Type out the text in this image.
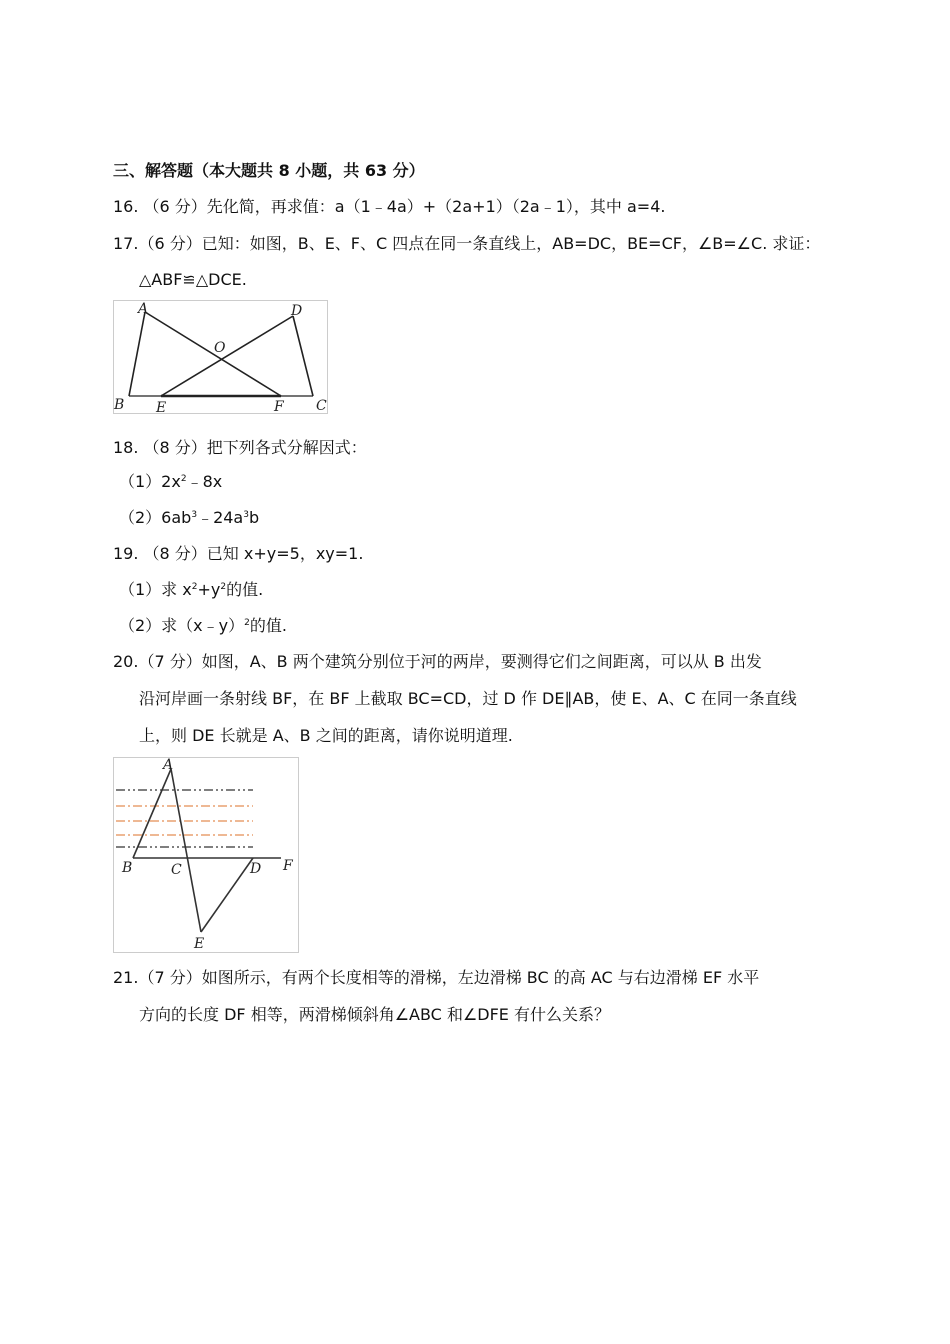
三、解答题（本大题共 8 小题，共 63 分）
16. （6 分）先化简，再求值：a（1﹣4a）+（2a+1）（2a﹣1），其中 a=4.
17.（6 分）已知：如图，B、E、F、C 四点在同一条直线上，AB=DC，BE=CF，∠B=∠C. 求证：
△ABF≌△DCE.
A	D
O
B E	F C
18. （8 分）把下列各式分解因式：
$(1)2x^2﹣8x$
$(2)6ab^3﹣24a^3b$
19. （8 分）已知 x+y=5，xy=1.
（1）求 $x^2+y^2$的值.
（2）求（x﹣y）$^2$的值.
20.（7 分）如图，A、B 两个建筑分别位于河的两岸，要测得它们之间距离，可以从 B 出发
沿河岸画一条射线 BF，在 BF 上截取 BC=CD，过 D 作 DE∥AB，使 E、A、C 在同一条直线
上，则 DE 长就是 A、B 之间的距离，请你说明道理.
A
B	C	D F
E
21.（7 分）如图所示，有两个长度相等的滑梯，左边滑梯 BC 的高 AC 与右边滑梯 EF 水平
方向的长度 DF 相等，两滑梯倾斜角∠ABC 和∠DFE 有什么关系？
